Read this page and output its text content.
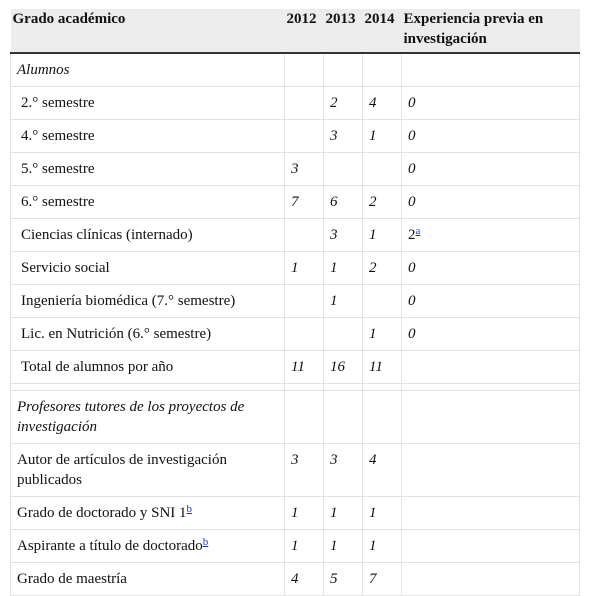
Grado académico	2012	2013	2014	Experiencia previa en investigación
Alumnos				
2.° semestre		2	4	0
4.° semestre		3	1	0
5.° semestre	3			0
6.° semestre	7	6	2	0
Ciencias clínicas (internado)		3	1	2$^a$
Servicio social	1	1	2	0
Ingeniería biomédica (7.° semestre)		1		0
Lic. en Nutrición (6.° semestre)			1	0
Total de alumnos por año	11	16	11	

Profesores tutores de los proyectos de investigación				
Autor de artículos de investigación publicados	3	3	4	
Grado de doctorado y SNI 1$^b$	1	1	1	
Aspirante a título de doctorado$^b$	1	1	1	
Grado de maestría	4	5	7	
